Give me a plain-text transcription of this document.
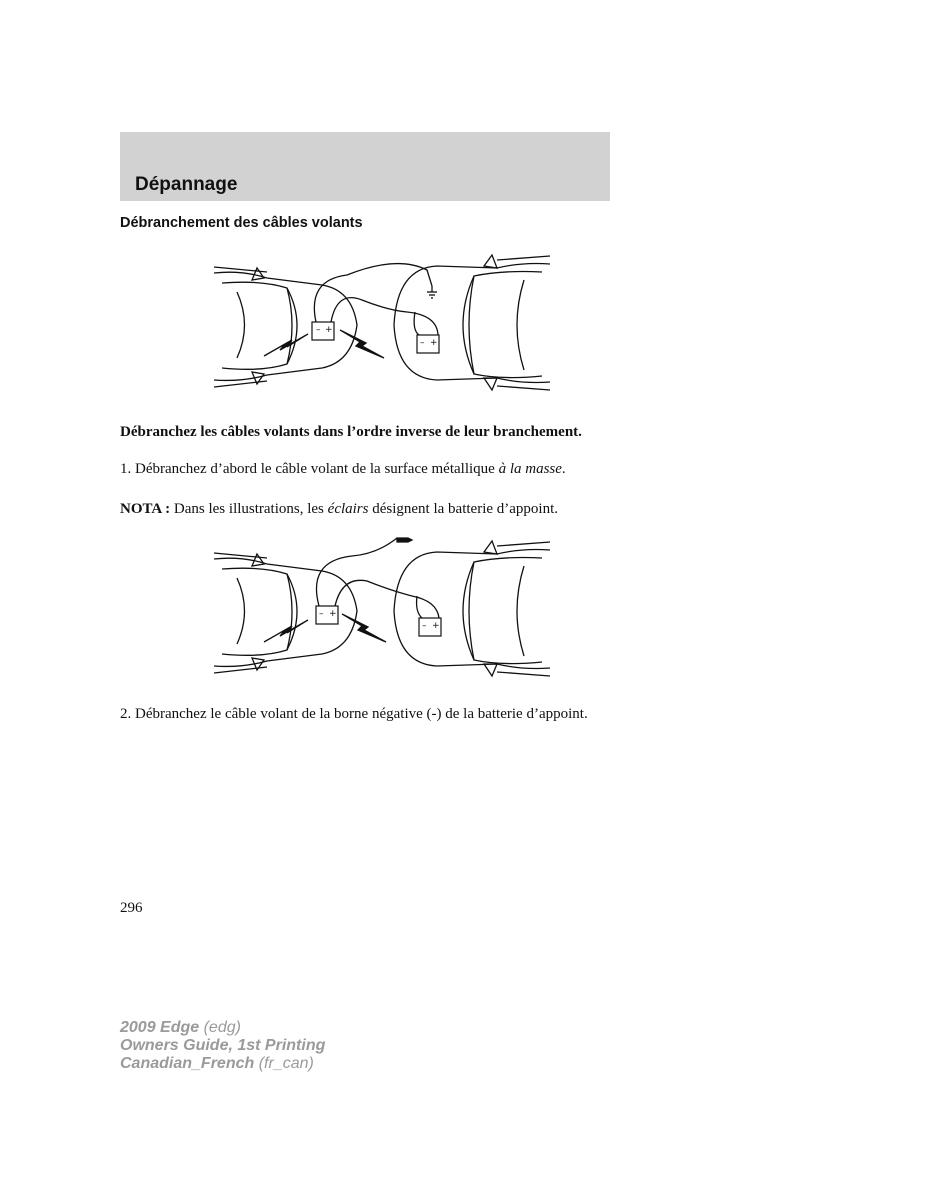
Dépannage
Débranchement des câbles volants
– +
– +
Débranchez les câbles volants dans l’ordre inverse de leur branchement.
1. Débranchez d’abord le câble volant de la surface métallique à la masse.
NOTA : Dans les illustrations, les éclairs désignent la batterie d’appoint.
– +
– +
2. Débranchez le câble volant de la borne négative (-) de la batterie d’appoint.
296
2009 Edge (edg)
Owners Guide, 1st Printing
Canadian_French (fr_can)
